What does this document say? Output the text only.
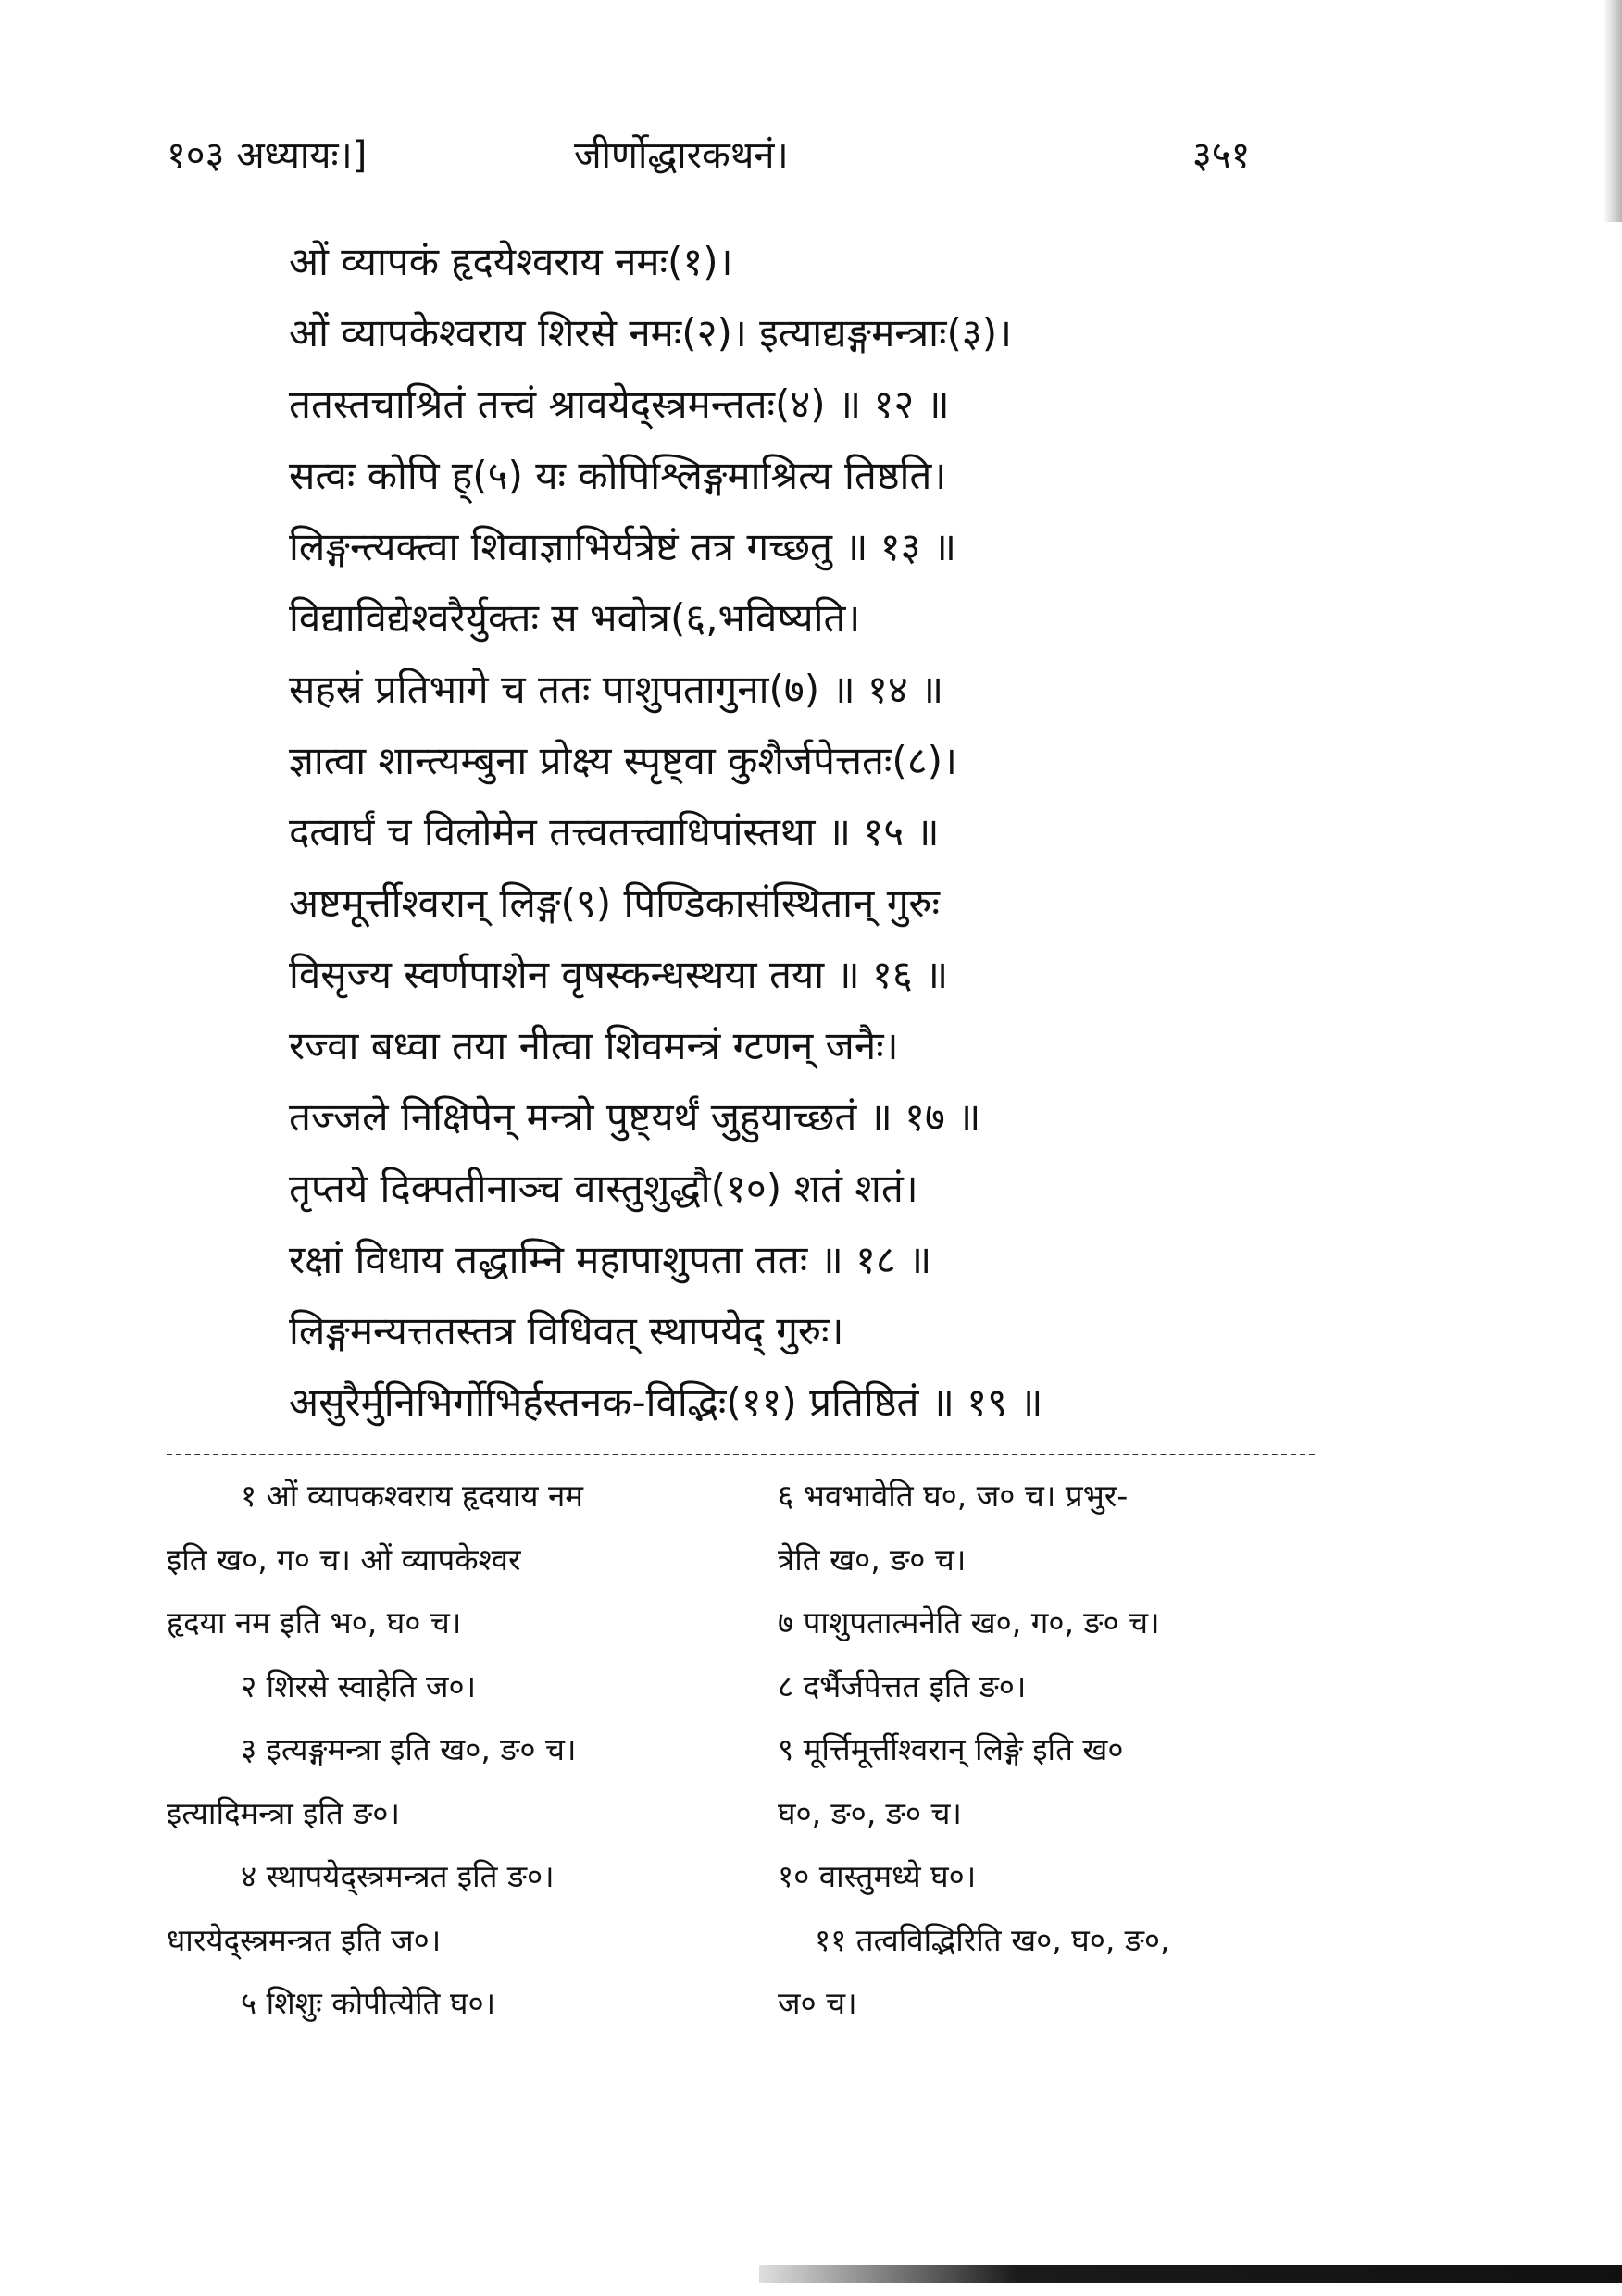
१०३ अध्यायः।]	जीर्णोद्धारकथनं।	३५१
ओं व्यापकं हृदयेश्वराय नमः(१)।
ओं व्यापकेश्वराय शिरसे नमः(२)। इत्याद्यङ्गमन्त्राः(३)।
ततस्तचाश्रितं तत्त्वं श्रावयेद्स्त्रमन्ततः(४) ॥ १२ ॥
सत्वः कोपि ह्(५) यः कोपिश्लिङ्गमाश्रित्य तिष्ठति।
लिङ्गन्त्यक्त्वा शिवाज्ञाभिर्यत्रेष्टं तत्र गच्छतु ॥ १३ ॥
विद्याविद्येश्वरैर्युक्तः स भवोत्र(६,भविष्यति।
सहस्रं प्रतिभागे च ततः पाशुपतागुना(७) ॥ १४ ॥
ज्ञात्वा शान्त्यम्बुना प्रोक्ष्य स्पृष्ट्वा कुशैर्जपेत्ततः(८)।
दत्वार्घं च विलोमेन तत्त्वतत्त्वाधिपांस्तथा ॥ १५ ॥
अष्टमूर्त्तीश्वरान् लिङ्ग(९) पिण्डिकासंस्थितान् गुरुः
विसृज्य स्वर्णपाशेन वृषस्कन्धस्थया तया ॥ १६ ॥
रज्वा बध्वा तया नीत्वा शिवमन्त्रं ग्टणन् जनैः।
तज्जले निक्षिपेन् मन्त्रो पुष्ट्यर्थं जुहुयाच्छतं ॥ १७ ॥
तृप्तये दिक्पतीनाञ्च वास्तुशुद्धौ(१०) शतं शतं।
रक्षां विधाय तद्धाम्नि महापाशुपता ततः ॥ १८ ॥
लिङ्गमन्यत्ततस्तत्र विधिवत् स्थापयेद् गुरुः।
असुरैर्मुनिभिर्गोभिर्हस्तनक-विद्भिः(११) प्रतिष्ठितं ॥ १९ ॥
१ ओं व्यापकश्वराय हृदयाय नम
इति ख०, ग० च। ओं व्यापकेश्वर
हृदया नम इति भ०, घ० च।
२ शिरसे स्वाहेति ज०।
३ इत्यङ्गमन्त्रा इति ख०, ङ० च।
इत्यादिमन्त्रा इति ङ०।
४ स्थापयेद्स्त्रमन्त्रत इति ङ०।
धारयेद्स्त्रमन्त्रत इति ज०।
५ शिशुः कोपीत्येति घ०।
६ भवभावेति घ०, ज० च। प्रभुर-
त्रेति ख०, ङ० च।
७ पाशुपतात्मनेति ख०, ग०, ङ० च।
८ दर्भैर्जपेत्तत इति ङ०।
९ मूर्त्तिमूर्त्तीश्वरान् लिङ्गे इति ख०
घ०, ङ०, ङ० च।
१० वास्तुमध्ये घ०।
११ तत्वविद्भिरिति ख०, घ०, ङ०,
ज० च।
